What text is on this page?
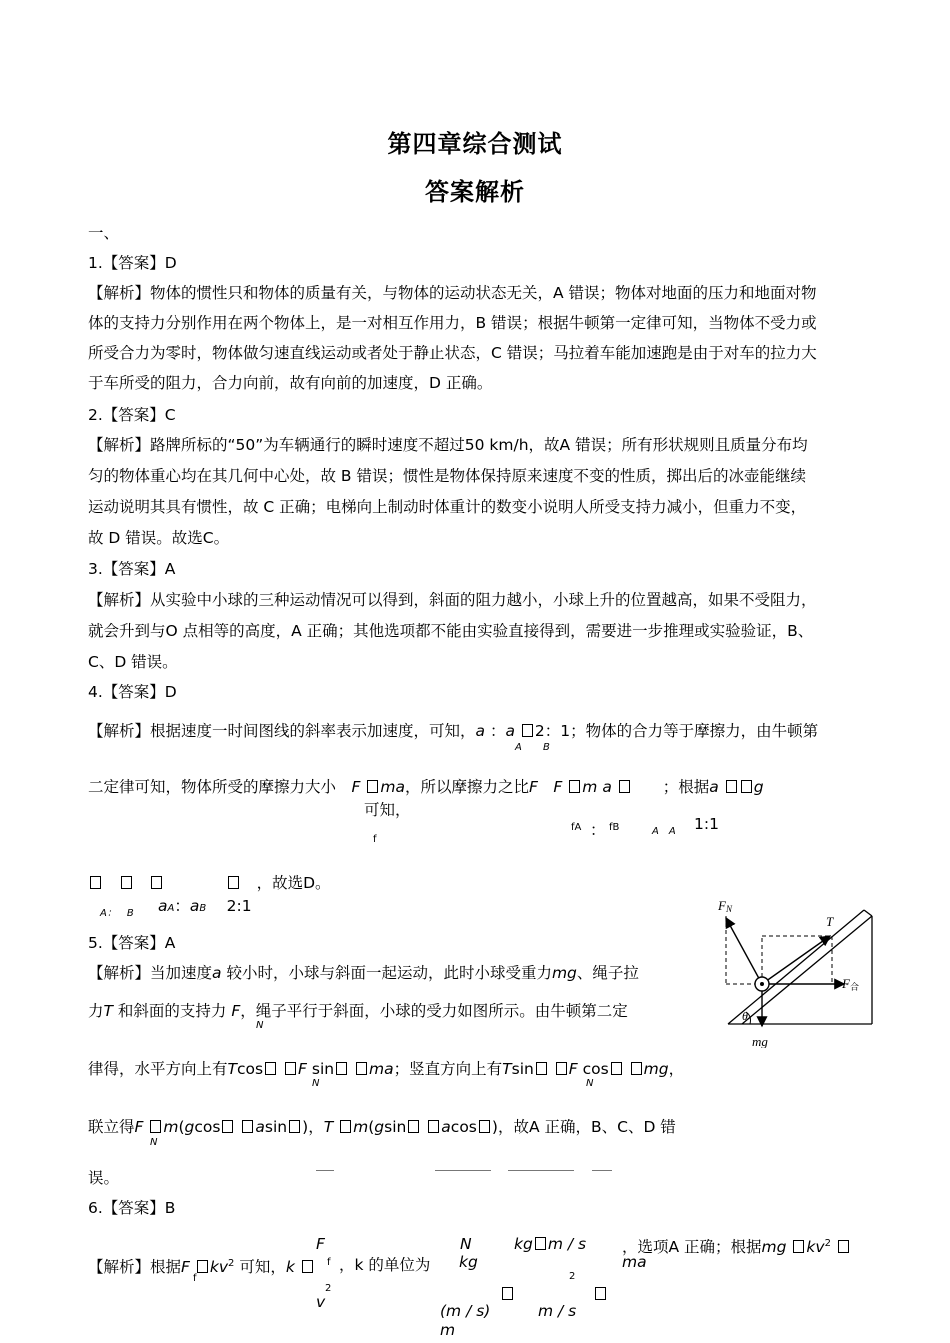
第四章综合测试
答案解析
一、
1.【答案】D
【解析】物体的惯性只和物体的质量有关，与物体的运动状态无关，A 错误；物体对地面的压力和地面对物
体的支持力分别作用在两个物体上，是一对相互作用力，B 错误；根据牛顿第一定律可知，当物体不受力或
所受合力为零时，物体做匀速直线运动或者处于静止状态，C 错误；马拉着车能加速跑是由于对车的拉力大
于车所受的阻力，合力向前，故有向前的加速度，D 正确。
2.【答案】C
【解析】路牌所标的“50”为车辆通行的瞬时速度不超过50 km/h，故A 错误；所有形状规则且质量分布均
匀的物体重心均在其几何中心处，故 B 错误；惯性是物体保持原来速度不变的性质，掷出后的冰壶能继续
运动说明其具有惯性，故 C 正确；电梯向上制动时体重计的数变小说明人所受支持力减小，但重力不变，
故 D 错误。故选C。
3.【答案】A
【解析】从实验中小球的三种运动情况可以得到，斜面的阻力越小，小球上升的位置越高，如果不受阻力，
就会升到与O 点相等的高度，A 正确；其他选项都不能由实验直接得到，需要进一步推理或实验验证，B、
C、D 错误。
4.【答案】D
【解析】根据速度一时间图线的斜率表示加速度，可知，a ：a 2：1；物体的合力等于摩擦力，由牛顿第
A B
二定律可知，物体所受的摩擦力大小　 F ma，所以摩擦力之比F　F m a 　　	；根据a g
可知，
f
fA ： fB	A　A 1:1
　　　　　　　，故选D。
A：　B aA：aB 　 2:1
5.【答案】A
【解析】当加速度a 较小时，小球与斜面一起运动，此时小球受重力mg、绳子拉
力T 和斜面的支持力 F，绳子平行于斜面，小球的受力如图所示。由牛顿第二定
N
FN
T
F合
θ
mg
律得，水平方向上有Tcos F sin ma；竖直方向上有Tsin F cos mg，
N	N
联立得F m(gcos asin )，T m(gsin acos )，故A 正确，B、C、D 错
N
误。
6.【答案】B
【解析】根据F $kv^2$ 可知，k
f
F
f
2
v
，k 的单位为
N
kg
kg m / s
2
(m / s)	m / s
m
，选项A 正确；根据mg $kv^2$
ma
